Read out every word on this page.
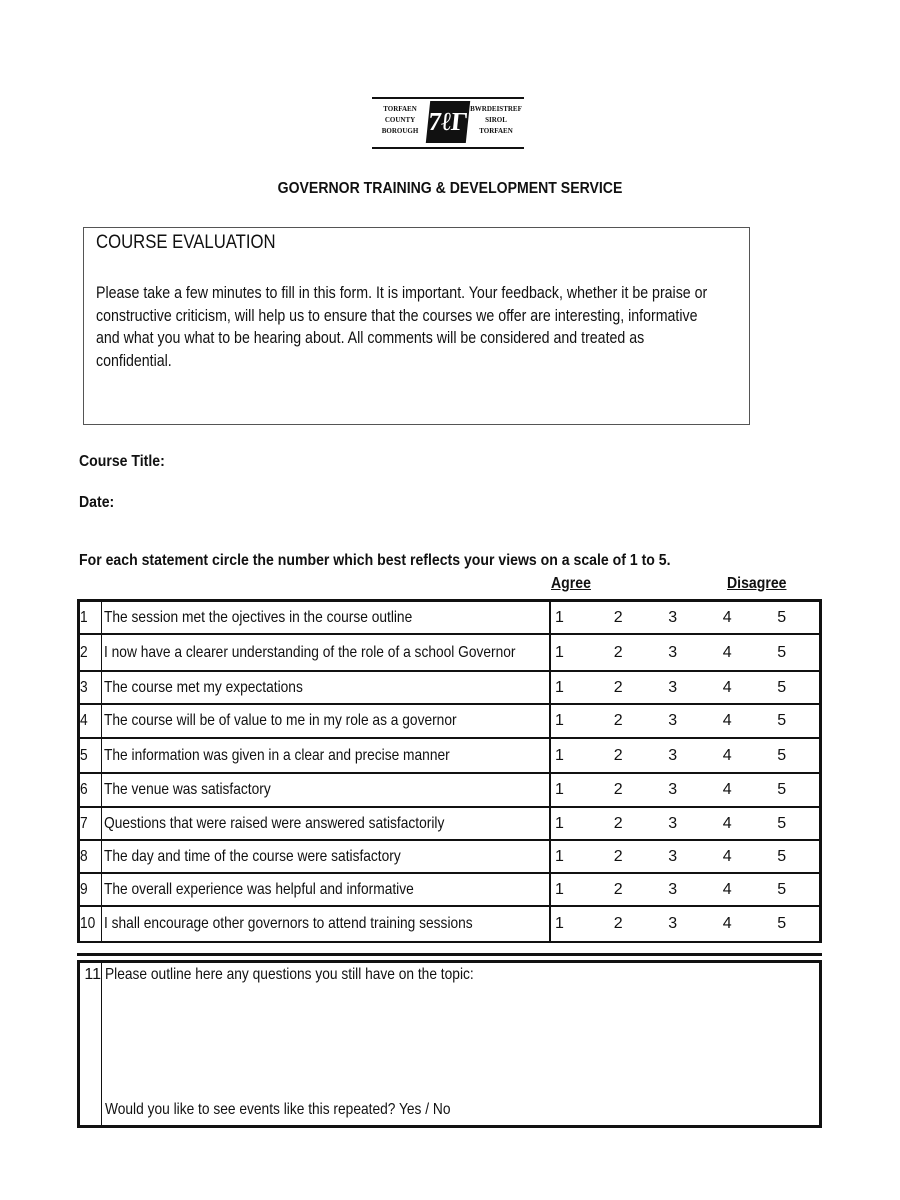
TORFAEN
COUNTY
BOROUGH 7ℓΓ BWRDEISTREF
SIROL
TORFAEN
GOVERNOR TRAINING & DEVELOPMENT SERVICE
COURSE EVALUATION

Please take a few minutes to fill in this form. It is important. Your feedback, whether it be praise or constructive criticism, will help us to ensure that the courses we offer are interesting, informative and what you what to be hearing about. All comments will be considered and treated as confidential.

Course Title:
Date:
For each statement circle the number which best reflects your views on a scale of 1 to 5.
Agree	Disagree
1 The session met the ojectives in the course outline	1	2	3	4	5
2 I now have a clearer understanding of the role of a school Governor 1	2	3	4	5
3 The course met my expectations	1	2	3	4	5
4 The course will be of value to me in my role as a governor	1	2	3	4	5
5 The information was given in a clear and precise manner	1	2	3	4	5
6 The venue was satisfactory	1	2	3	4	5
7 Questions that were raised were answered satisfactorily	1	2	3	4	5
8 The day and time of the course were satisfactory	1	2	3	4	5
9 The overall experience was helpful and informative	1	2	3	4	5
10 I shall encourage other governors to attend training sessions	1	2	3	4	5
11 Please outline here any questions you still have on the topic:
Would you like to see events like this repeated? Yes / No
